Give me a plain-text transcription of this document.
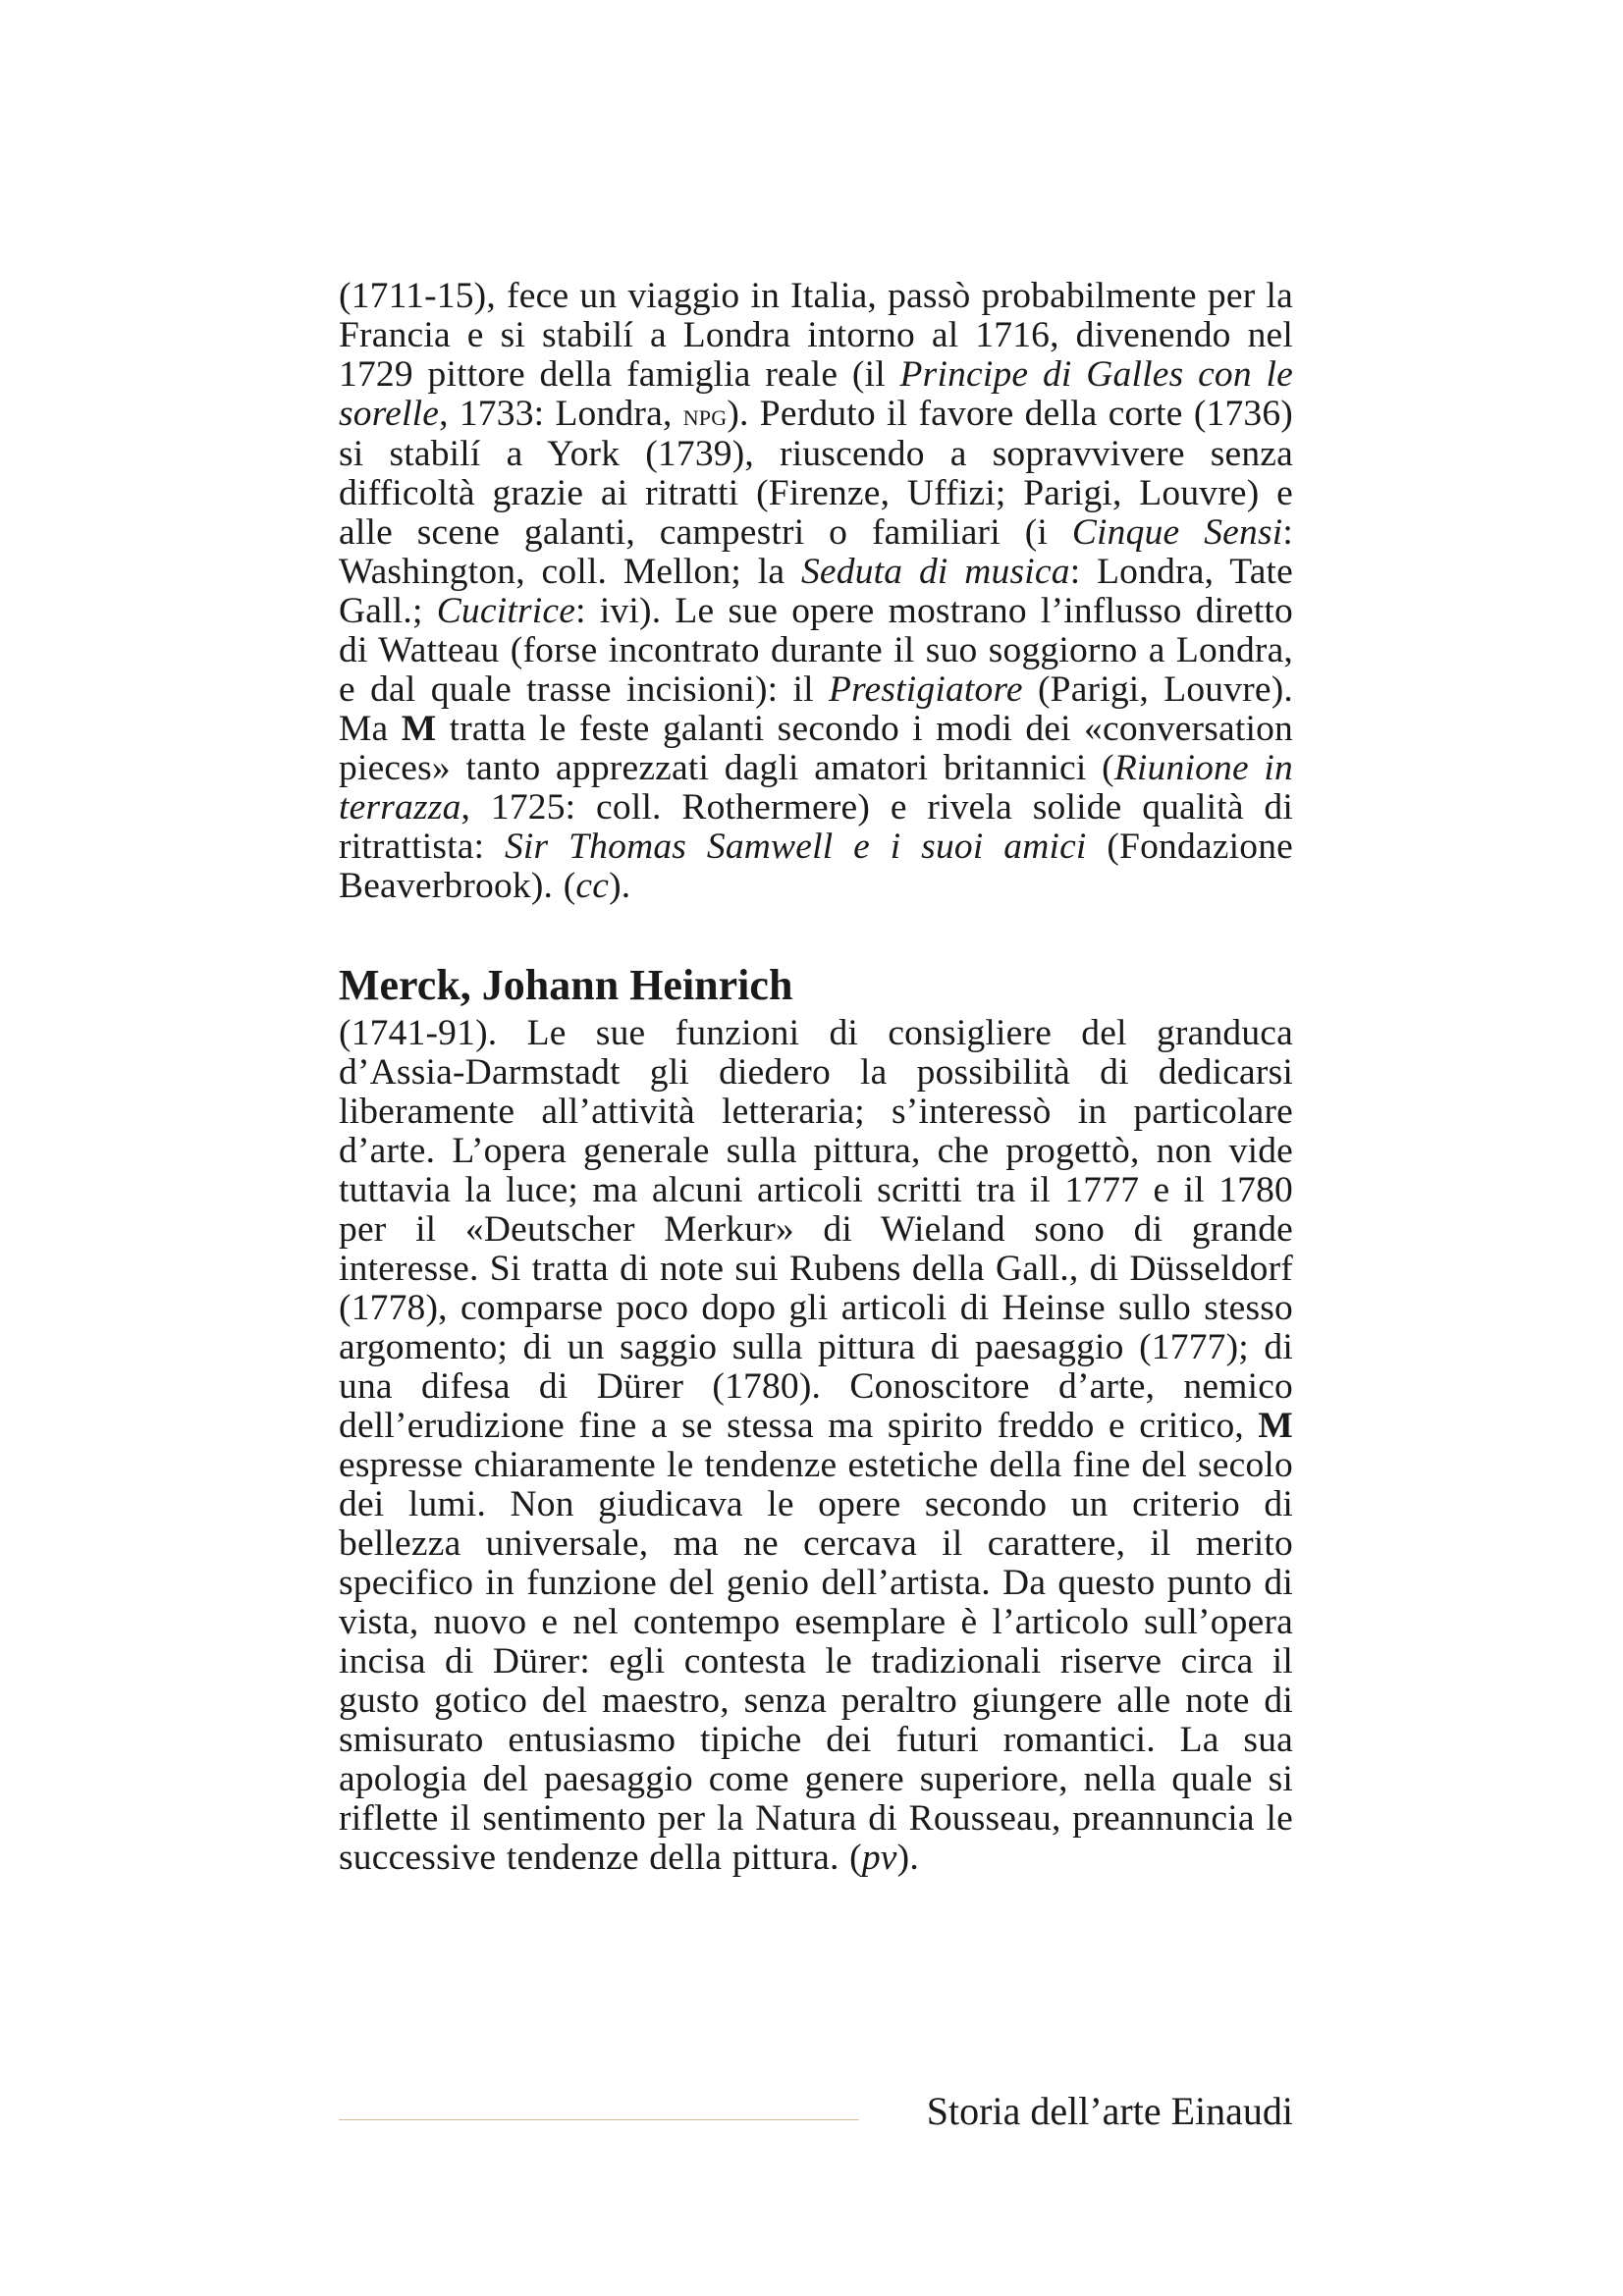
(1711-15), fece un viaggio in Italia, passò probabilmente per la Francia e si stabilí a Londra intorno al 1716, divenendo nel 1729 pittore della famiglia reale (il Principe di Galles con le sorelle, 1733: Londra, npg). Perduto il favore della corte (1736) si stabilí a York (1739), riuscendo a sopravvivere senza difficoltà grazie ai ritratti (Firenze, Uffizi; Parigi, Louvre) e alle scene galanti, campestri o familiari (i Cinque Sensi: Washington, coll. Mellon; la Seduta di musica: Londra, Tate Gall.; Cucitrice: ivi). Le sue opere mostrano l’influsso diretto di Watteau (forse incontrato durante il suo soggiorno a Londra, e dal quale trasse incisioni): il Prestigiatore (Parigi, Louvre). Ma M tratta le feste galanti secondo i modi dei «conversation pieces» tanto apprezzati dagli amatori britannici (Riunione in terrazza, 1725: coll. Rothermere) e rivela solide qualità di ritrattista: Sir Thomas Samwell e i suoi amici (Fondazione Beaverbrook). (cc).

Merck, Johann Heinrich

(1741-91). Le sue funzioni di consigliere del granduca d’Assia-Darmstadt gli diedero la possibilità di dedicarsi liberamente all’attività letteraria; s’interessò in particolare d’arte. L’opera generale sulla pittura, che progettò, non vide tuttavia la luce; ma alcuni articoli scritti tra il 1777 e il 1780 per il «Deutscher Merkur» di Wieland sono di grande interesse. Si tratta di note sui Rubens della Gall., di Düsseldorf (1778), comparse poco dopo gli articoli di Heinse sullo stesso argomento; di un saggio sulla pittura di paesaggio (1777); di una difesa di Dürer (1780). Conoscitore d’arte, nemico dell’erudizione fine a se stessa ma spirito freddo e critico, M espresse chiaramente le tendenze estetiche della fine del secolo dei lumi. Non giudicava le opere secondo un criterio di bellezza universale, ma ne cercava il carattere, il merito specifico in funzione del genio dell’artista. Da questo punto di vista, nuovo e nel contempo esemplare è l’articolo sull’opera incisa di Dürer: egli contesta le tradizionali riserve circa il gusto gotico del maestro, senza peraltro giungere alle note di smisurato entusiasmo tipiche dei futuri romantici. La sua apologia del paesaggio come genere superiore, nella quale si riflette il sentimento per la Natura di Rousseau, preannuncia le successive tendenze della pittura. (pv).

Storia dell’arte Einaudi
